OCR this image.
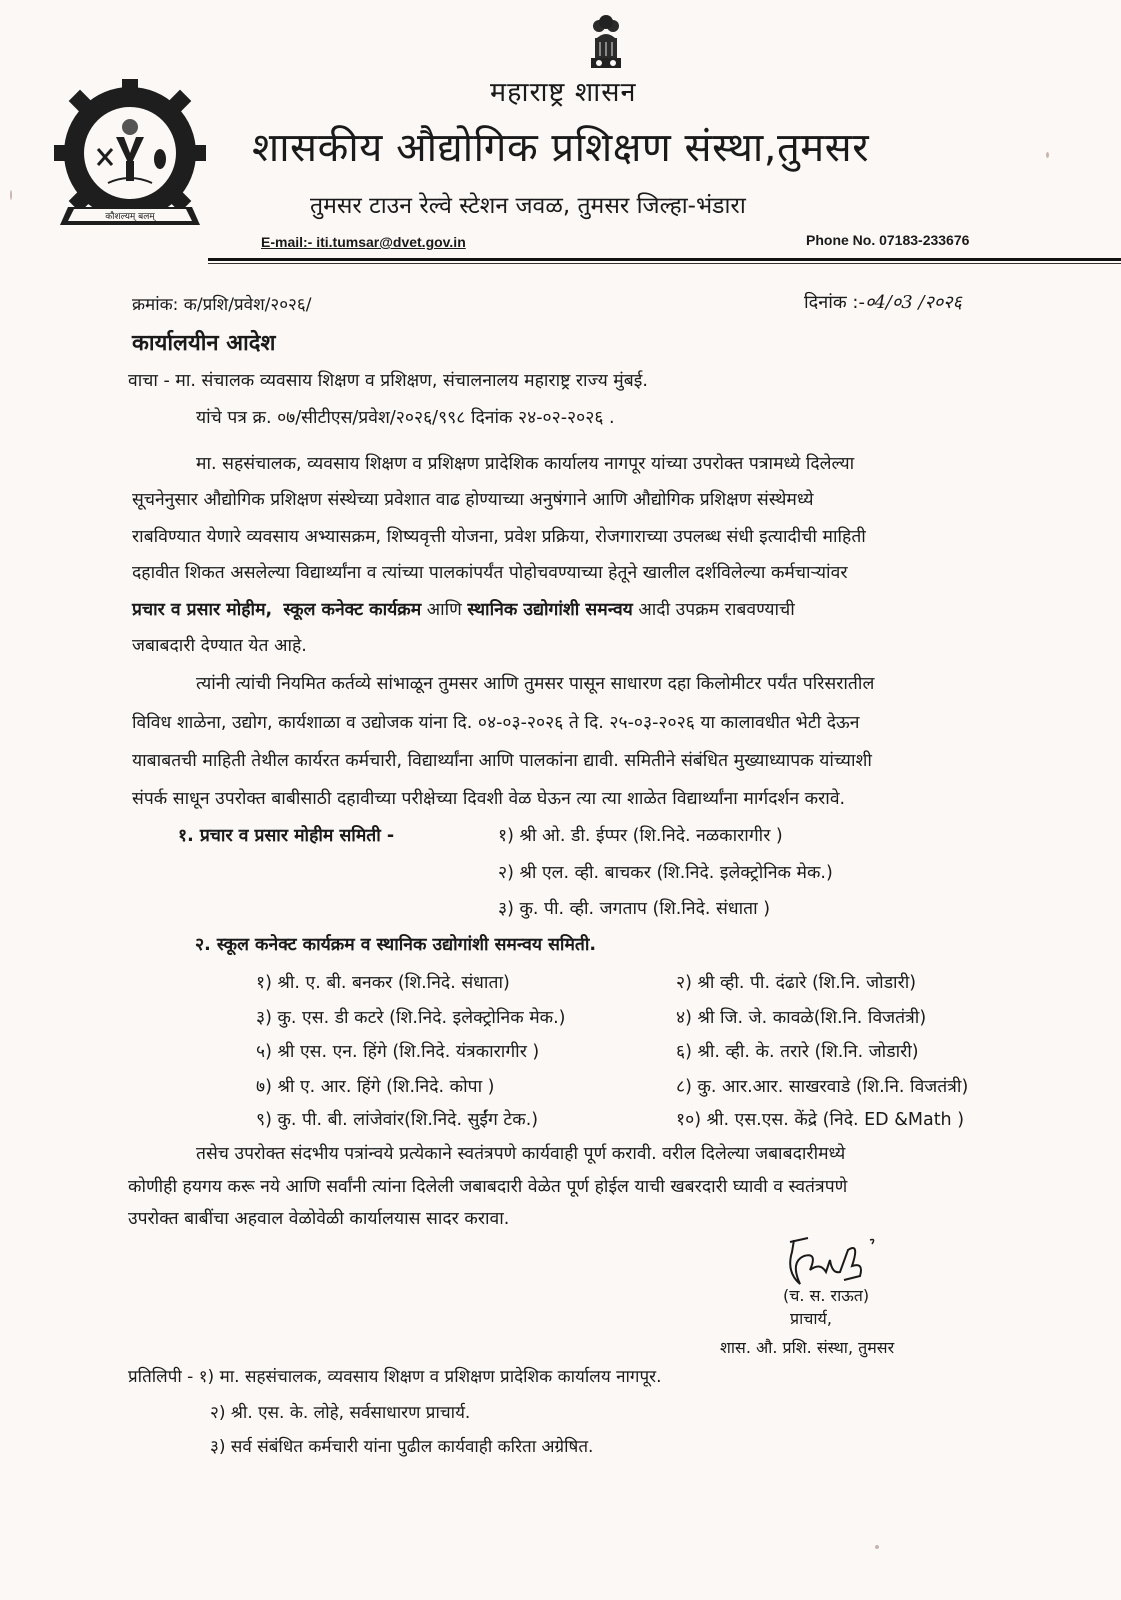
कौशल्यम् बलम्
महाराष्ट्र शासन
शासकीय औद्योगिक प्रशिक्षण संस्था,तुमसर
तुमसर टाउन रेल्वे स्टेशन जवळ, तुमसर जिल्हा-भंडारा
E-mail:- iti.tumsar@dvet.gov.in	Phone No. 07183-233676
क्रमांक: क/प्रशि/प्रवेश/२०२६/	दिनांक :-०4/०3 /२०२६
कार्यालयीन आदेश
वाचा - मा. संचालक व्यवसाय शिक्षण व प्रशिक्षण, संचालनालय महाराष्ट्र राज्य मुंबई.
यांचे पत्र क्र. ०७/सीटीएस/प्रवेश/२०२६/९९८ दिनांक २४-०२-२०२६ .
मा. सहसंचालक, व्यवसाय शिक्षण व प्रशिक्षण प्रादेशिक कार्यालय नागपूर यांच्या उपरोक्त पत्रामध्ये दिलेल्या
सूचनेनुसार औद्योगिक प्रशिक्षण संस्थेच्या प्रवेशात वाढ होण्याच्या अनुषंगाने आणि औद्योगिक प्रशिक्षण संस्थेमध्ये
राबविण्यात येणारे व्यवसाय अभ्यासक्रम, शिष्यवृत्ती योजना, प्रवेश प्रक्रिया, रोजगाराच्या उपलब्ध संधी इत्यादीची माहिती
दहावीत शिकत असलेल्या विद्यार्थ्यांना व त्यांच्या पालकांपर्यंत पोहोचवण्याच्या हेतूने खालील दर्शविलेल्या कर्मचाऱ्यांवर
प्रचार व प्रसार मोहीम, स्कूल कनेक्ट कार्यक्रम आणि स्थानिक उद्योगांशी समन्वय आदी उपक्रम राबवण्याची
जबाबदारी देण्यात येत आहे.
त्यांनी त्यांची नियमित कर्तव्ये सांभाळून तुमसर आणि तुमसर पासून साधारण दहा किलोमीटर पर्यंत परिसरातील
विविध शाळेना, उद्योग, कार्यशाळा व उद्योजक यांना दि. ०४-०३-२०२६ ते दि. २५-०३-२०२६ या कालावधीत भेटी देऊन
याबाबतची माहिती तेथील कार्यरत कर्मचारी, विद्यार्थ्यांना आणि पालकांना द्यावी. समितीने संबंधित मुख्याध्यापक यांच्याशी
संपर्क साधून उपरोक्त बाबीसाठी दहावीच्या परीक्षेच्या दिवशी वेळ घेऊन त्या त्या शाळेत विद्यार्थ्यांना मार्गदर्शन करावे.
१. प्रचार व प्रसार मोहीम समिती -	१) श्री ओ. डी. ईप्पर (शि.निदे. नळकारागीर )
२) श्री एल. व्ही. बाचकर (शि.निदे. इलेक्ट्रोनिक मेक.)
३) कु. पी. व्ही. जगताप (शि.निदे. संधाता )
२. स्कूल कनेक्ट कार्यक्रम व स्थानिक उद्योगांशी समन्वय समिती.
१) श्री. ए. बी. बनकर (शि.निदे. संधाता)	२) श्री व्ही. पी. दंढारे (शि.नि. जोडारी)
३) कु. एस. डी कटरे (शि.निदे. इलेक्ट्रोनिक मेक.)	४) श्री जि. जे. कावळे(शि.नि. विजतंत्री)
५) श्री एस. एन. हिंगे (शि.निदे. यंत्रकारागीर )	६) श्री. व्ही. के. तरारे (शि.नि. जोडारी)
७) श्री ए. आर. हिंगे (शि.निदे. कोपा )	८) कु. आर.आर. साखरवाडे (शि.नि. विजतंत्री)
९) कु. पी. बी. लांजेवांर(शि.निदे. सुईंग टेक.)	१०) श्री. एस.एस. केंद्रे (निदे. ED &Math )
तसेच उपरोक्त संदभीय पत्रांन्वये प्रत्येकाने स्वतंत्रपणे कार्यवाही पूर्ण करावी. वरील दिलेल्या जबाबदारीमध्ये
कोणीही हयगय करू नये आणि सर्वांनी त्यांना दिलेली जबाबदारी वेळेत पूर्ण होईल याची खबरदारी घ्यावी व स्वतंत्रपणे
उपरोक्त बाबींचा अहवाल वेळोवेळी कार्यालयास सादर करावा.
(च. स. राऊत)
प्राचार्य,
शास. औ. प्रशि. संस्था, तुमसर
प्रतिलिपी - १) मा. सहसंचालक, व्यवसाय शिक्षण व प्रशिक्षण प्रादेशिक कार्यालय नागपूर.
२) श्री. एस. के. लोहे, सर्वसाधारण प्राचार्य.
३) सर्व संबंधित कर्मचारी यांना पुढील कार्यवाही करिता अग्रेषित.
